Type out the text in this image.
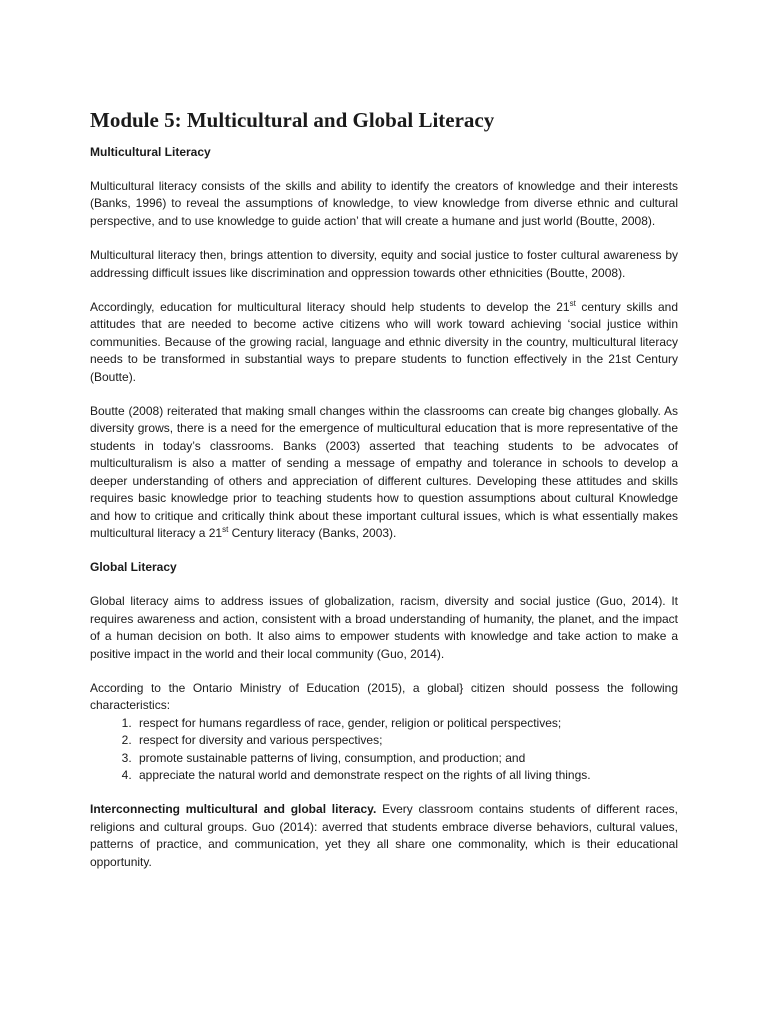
Module 5: Multicultural and Global Literacy
Multicultural Literacy

Multicultural literacy consists of the skills and ability to identify the creators of knowledge and their interests (Banks, 1996) to reveal the assumptions of knowledge, to view knowledge from diverse ethnic and cultural perspective, and to use knowledge to guide action’ that will create a humane and just world (Boutte, 2008).

Multicultural literacy then, brings attention to diversity, equity and social justice to foster cultural awareness by addressing difficult issues like discrimination and oppression towards other ethnicities (Boutte, 2008).

Accordingly, education for multicultural literacy should help students to develop the 21st century skills and attitudes that are needed to become active citizens who will work toward achieving ‘social justice within communities. Because of the growing racial, language and ethnic diversity in the country, multicultural literacy needs to be transformed in substantial ways to prepare students to function effectively in the 21st Century (Boutte).

Boutte (2008) reiterated that making small changes within the classrooms can create big changes globally. As diversity grows, there is a need for the emergence of multicultural education that is more representative of the students in today’s classrooms. Banks (2003) asserted that teaching students to be advocates of multiculturalism is also a matter of sending a message of empathy and tolerance in schools to develop a deeper understanding of others and appreciation of different cultures. Developing these attitudes and skills requires basic knowledge prior to teaching students how to question assumptions about cultural Knowledge and how to critique and critically think about these important cultural issues, which is what essentially makes multicultural literacy a 21st Century literacy (Banks, 2003).

Global Literacy

Global literacy aims to address issues of globalization, racism, diversity and social justice (Guo, 2014). It requires awareness and action, consistent with a broad understanding of humanity, the planet, and the impact of a human decision on both. It also aims to empower students with knowledge and take action to make a positive impact in the world and their local community (Guo, 2014).

According to the Ontario Ministry of Education (2015), a global} citizen should possess the following characteristics:

1. respect for humans regardless of race, gender, religion or political perspectives;
2. respect for diversity and various perspectives;
3. promote sustainable patterns of living, consumption, and production; and
4. appreciate the natural world and demonstrate respect on the rights of all living things.

Interconnecting multicultural and global literacy. Every classroom contains students of different races, religions and cultural groups. Guo (2014): averred that students embrace diverse behaviors, cultural values, patterns of practice, and communication, yet they all share one commonality, which is their educational opportunity.
